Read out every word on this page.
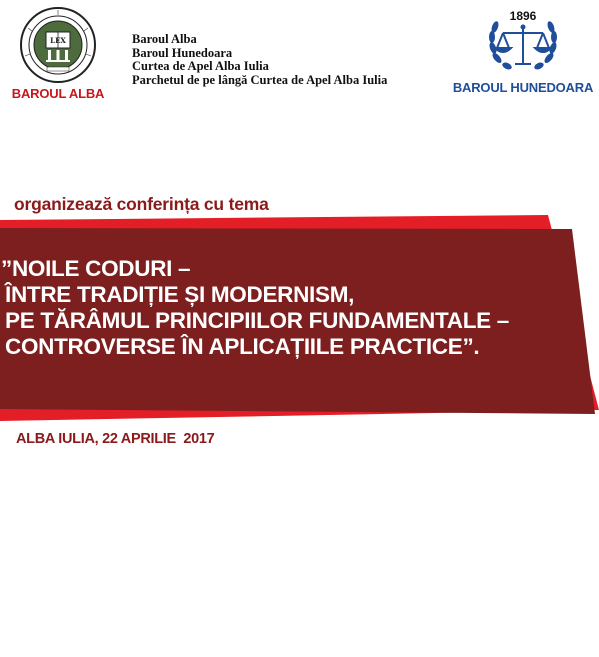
LEX
BAROUL ALBA
Baroul Alba
Baroul Hunedoara
Curtea de Apel Alba Iulia
Parchetul de pe lângă Curtea de Apel Alba Iulia
1896
BAROUL HUNEDOARA
organizează conferința cu tema
”NOILE CODURI –
ÎNTRE TRADIȚIE ȘI MODERNISM,
PE TĂRÂMUL PRINCIPIILOR FUNDAMENTALE –
CONTROVERSE ÎN APLICAȚIILE PRACTICE”.
ALBA IULIA, 22 APRILIE  2017
